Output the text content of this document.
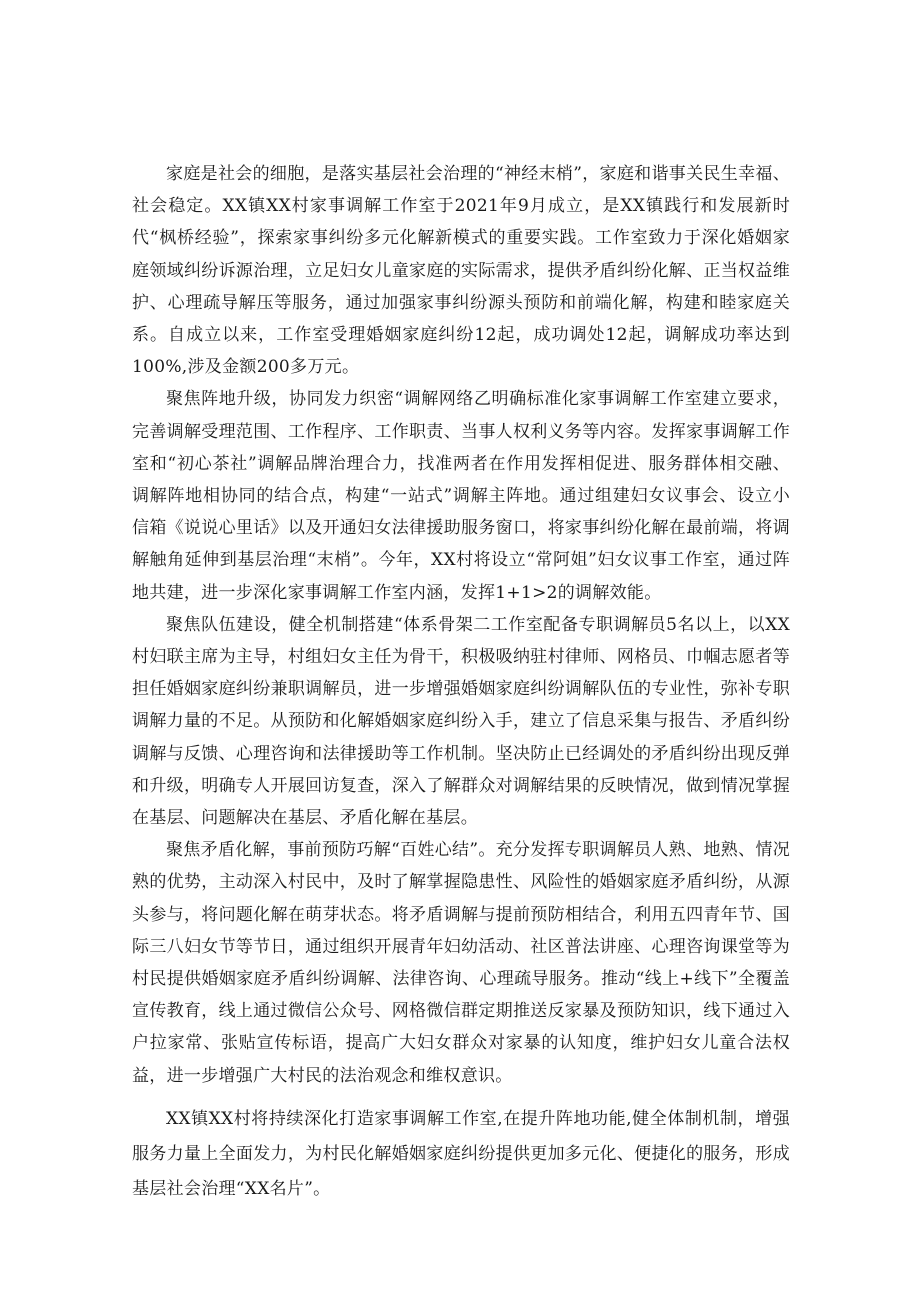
家庭是社会的细胞，是落实基层社会治理的“神经末梢”，家庭和谐事关民生幸福、社会稳定。XX镇XX村家事调解工作室于2021年9月成立，是XX镇践行和发展新时代“枫桥经验”，探索家事纠纷多元化解新模式的重要实践。工作室致力于深化婚姻家庭领域纠纷诉源治理，立足妇女儿童家庭的实际需求，提供矛盾纠纷化解、正当权益维护、心理疏导解压等服务，通过加强家事纠纷源头预防和前端化解，构建和睦家庭关系。自成立以来，工作室受理婚姻家庭纠纷12起，成功调处12起，调解成功率达到100%,涉及金额200多万元。

聚焦阵地升级，协同发力织密“调解网络乙明确标准化家事调解工作室建立要求，完善调解受理范围、工作程序、工作职责、当事人权利义务等内容。发挥家事调解工作室和“初心茶社”调解品牌治理合力，找准两者在作用发挥相促进、服务群体相交融、调解阵地相协同的结合点，构建“一站式”调解主阵地。通过组建妇女议事会、设立小信箱《说说心里话》以及开通妇女法律援助服务窗口，将家事纠纷化解在最前端，将调解触角延伸到基层治理“末梢”。今年，XX村将设立“常阿姐”妇女议事工作室，通过阵地共建，进一步深化家事调解工作室内涵，发挥1+1>2的调解效能。

聚焦队伍建设，健全机制搭建“体系骨架二工作室配备专职调解员5名以上，以XX村妇联主席为主导，村组妇女主任为骨干，积极吸纳驻村律师、网格员、巾帼志愿者等担任婚姻家庭纠纷兼职调解员，进一步增强婚姻家庭纠纷调解队伍的专业性，弥补专职调解力量的不足。从预防和化解婚姻家庭纠纷入手，建立了信息采集与报告、矛盾纠纷调解与反馈、心理咨询和法律援助等工作机制。坚决防止已经调处的矛盾纠纷出现反弹和升级，明确专人开展回访复查，深入了解群众对调解结果的反映情况，做到情况掌握在基层、问题解决在基层、矛盾化解在基层。

聚焦矛盾化解，事前预防巧解“百姓心结”。充分发挥专职调解员人熟、地熟、情况熟的优势，主动深入村民中，及时了解掌握隐患性、风险性的婚姻家庭矛盾纠纷，从源头参与，将问题化解在萌芽状态。将矛盾调解与提前预防相结合，利用五四青年节、国际三八妇女节等节日，通过组织开展青年妇幼活动、社区普法讲座、心理咨询课堂等为村民提供婚姻家庭矛盾纠纷调解、法律咨询、心理疏导服务。推动“线上+线下”全覆盖宣传教育，线上通过微信公众号、网格微信群定期推送反家暴及预防知识，线下通过入户拉家常、张贴宣传标语，提高广大妇女群众对家暴的认知度，维护妇女儿童合法权益，进一步增强广大村民的法治观念和维权意识。

XX镇XX村将持续深化打造家事调解工作室,在提升阵地功能,健全体制机制，增强服务力量上全面发力，为村民化解婚姻家庭纠纷提供更加多元化、便捷化的服务，形成基层社会治理“XX名片”。
